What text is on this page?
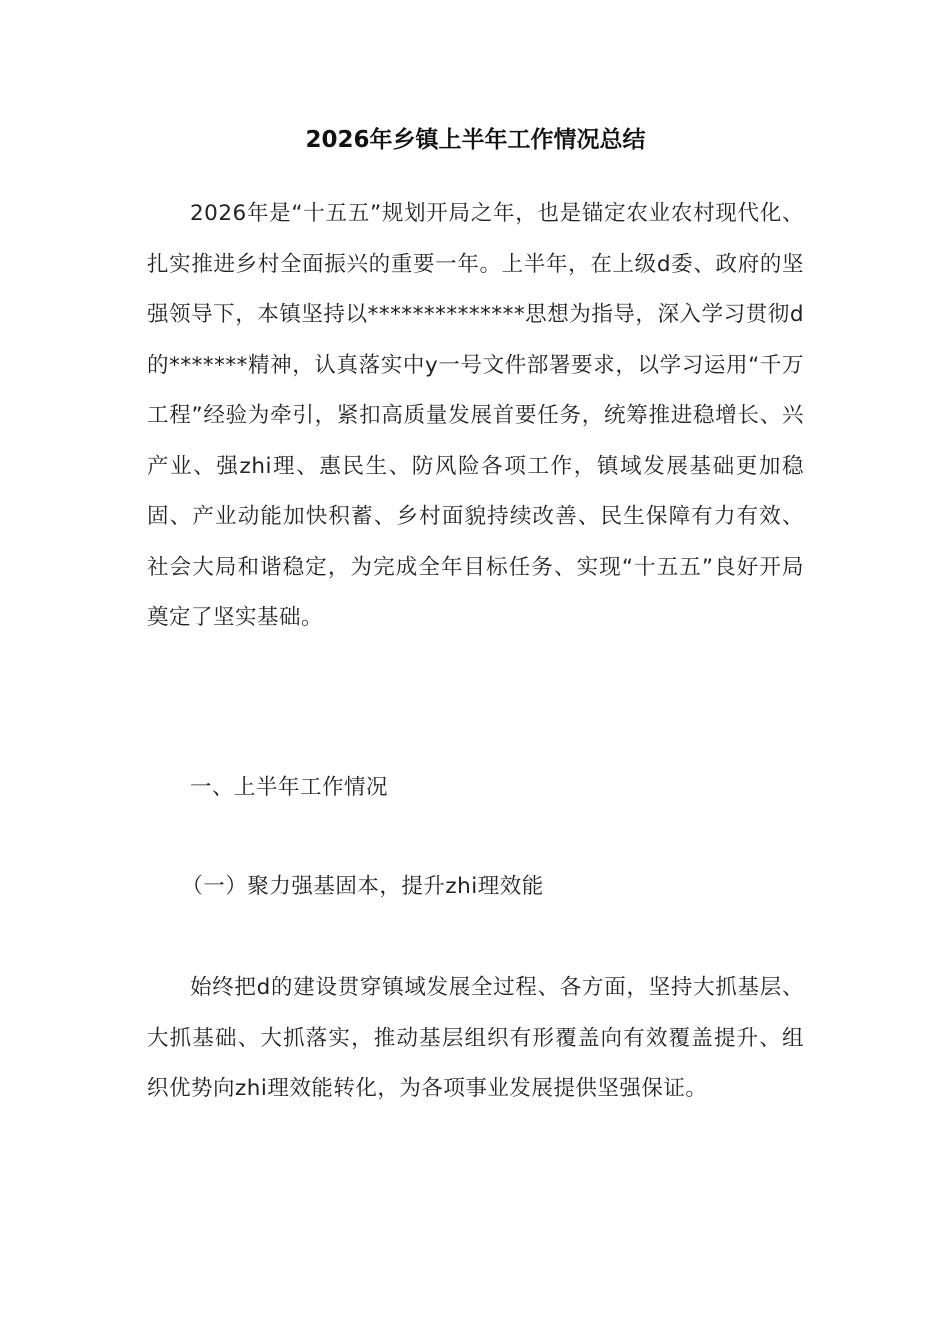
2026年乡镇上半年工作情况总结

2026年是“十五五”规划开局之年，也是锚定农业农村现代化、扎实推进乡村全面振兴的重要一年。上半年，在上级d委、政府的坚强领导下，本镇坚持以**************思想为指导，深入学习贯彻d的*******精神，认真落实中y一号文件部署要求，以学习运用“千万工程”经验为牵引，紧扣高质量发展首要任务，统筹推进稳增长、兴产业、强zhi理、惠民生、防风险各项工作，镇域发展基础更加稳固、产业动能加快积蓄、乡村面貌持续改善、民生保障有力有效、社会大局和谐稳定，为完成全年目标任务、实现“十五五”良好开局奠定了坚实基础。

一、上半年工作情况

（一）聚力强基固本，提升zhi理效能

始终把d的建设贯穿镇域发展全过程、各方面，坚持大抓基层、大抓基础、大抓落实，推动基层组织有形覆盖向有效覆盖提升、组织优势向zhi理效能转化，为各项事业发展提供坚强保证。
